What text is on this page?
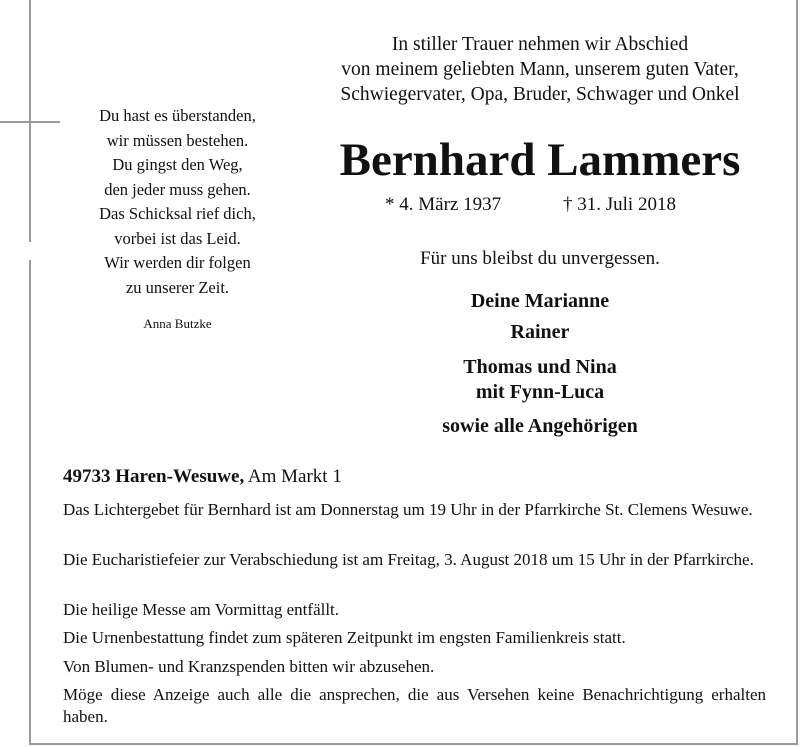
In stiller Trauer nehmen wir Abschied
von meinem geliebten Mann, unserem guten Vater,
Schwiegervater, Opa, Bruder, Schwager und Onkel
Du hast es überstanden,
wir müssen bestehen.
Du gingst den Weg,
den jeder muss gehen.
Das Schicksal rief dich,
vorbei ist das Leid.
Wir werden dir folgen
zu unserer Zeit.
Anna Butzke
Bernhard Lammers
* 4. März 1937	† 31. Juli 2018
Für uns bleibst du unvergessen.
Deine Marianne
Rainer
Thomas und Nina
mit Fynn-Luca
sowie alle Angehörigen
49733 Haren-Wesuwe, Am Markt 1
Das Lichtergebet für Bernhard ist am Donnerstag um 19 Uhr in der Pfarrkirche St. Clemens Wesuwe.
Die Eucharistiefeier zur Verabschiedung ist am Freitag, 3. August 2018 um 15 Uhr in der Pfarrkirche.
Die heilige Messe am Vormittag entfällt.
Die Urnenbestattung findet zum späteren Zeitpunkt im engsten Familienkreis statt.
Von Blumen- und Kranzspenden bitten wir abzusehen.
Möge diese Anzeige auch alle die ansprechen, die aus Versehen keine Benachrichtigung erhalten haben.
